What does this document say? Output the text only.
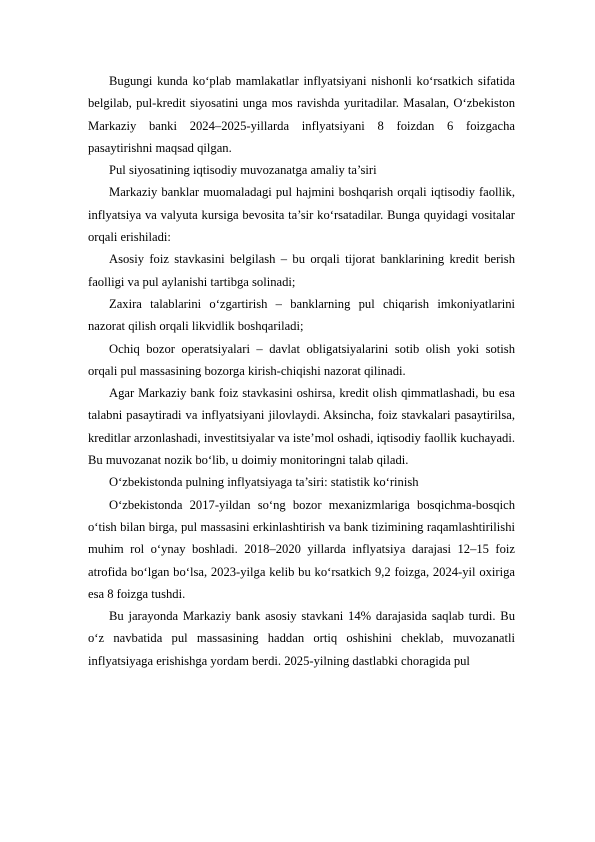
Bugungi kunda ko‘plab mamlakatlar inflyatsiyani nishonli ko‘rsatkich sifatida belgilab, pul-kredit siyosatini unga mos ravishda yuritadilar. Masalan, O‘zbekiston Markaziy banki 2024–2025-yillarda inflyatsiyani 8 foizdan 6 foizgacha pasaytirishni maqsad qilgan.

Pul siyosatining iqtisodiy muvozanatga amaliy ta’siri

Markaziy banklar muomaladagi pul hajmini boshqarish orqali iqtisodiy faollik, inflyatsiya va valyuta kursiga bevosita ta’sir ko‘rsatadilar. Bunga quyidagi vositalar orqali erishiladi:

Asosiy foiz stavkasini belgilash – bu orqali tijorat banklarining kredit berish faolligi va pul aylanishi tartibga solinadi;

Zaxira talablarini o‘zgartirish – banklarning pul chiqarish imkoniyatlarini nazorat qilish orqali likvidlik boshqariladi;

Ochiq bozor operatsiyalari – davlat obligatsiyalarini sotib olish yoki sotish orqali pul massasining bozorga kirish-chiqishi nazorat qilinadi.

Agar Markaziy bank foiz stavkasini oshirsa, kredit olish qimmatlashadi, bu esa talabni pasaytiradi va inflyatsiyani jilovlaydi. Aksincha, foiz stavkalari pasaytirilsa, kreditlar arzonlashadi, investitsiyalar va iste’mol oshadi, iqtisodiy faollik kuchayadi. Bu muvozanat nozik bo‘lib, u doimiy monitoringni talab qiladi.

O‘zbekistonda pulning inflyatsiyaga ta’siri: statistik ko‘rinish

O‘zbekistonda 2017-yildan so‘ng bozor mexanizmlariga bosqichma-bosqich o‘tish bilan birga, pul massasini erkinlashtirish va bank tizimining raqamlashtirilishi muhim rol o‘ynay boshladi. 2018–2020 yillarda inflyatsiya darajasi 12–15 foiz atrofida bo‘lgan bo‘lsa, 2023-yilga kelib bu ko‘rsatkich 9,2 foizga, 2024-yil oxiriga esa 8 foizga tushdi.

Bu jarayonda Markaziy bank asosiy stavkani 14% darajasida saqlab turdi. Bu o‘z navbatida pul massasining haddan ortiq oshishini cheklab, muvozanatli inflyatsiyaga erishishga yordam berdi. 2025-yilning dastlabki choragida pul
